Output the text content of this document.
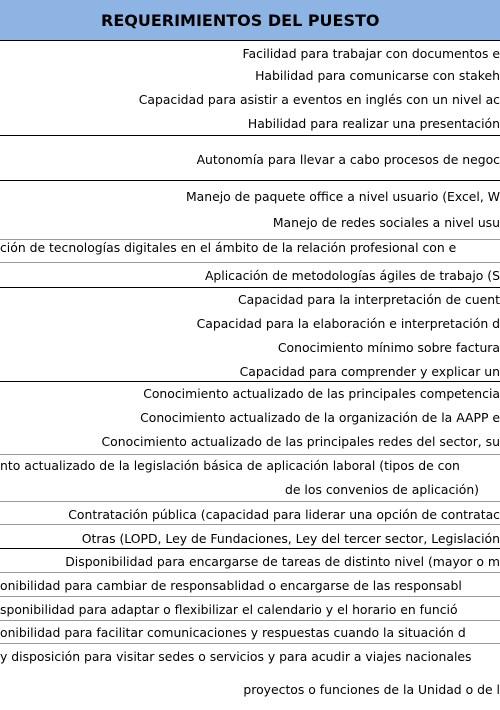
REQUERIMIENTOS DEL PUESTO
Facilidad para trabajar con documentos e
Habilidad para comunicarse con stakeh
Capacidad para asistir a eventos en inglés con un nivel ac
Habilidad para realizar una presentación
Autonomía para llevar a cabo procesos de negoc
Manejo de paquete office a nivel usuario (Excel, W
Manejo de redes sociales a nivel usu
ción de tecnologías digitales en el ámbito de la relación profesional con e
Aplicación de metodologías ágiles de trabajo (S
Capacidad para la interpretación de cuent
Capacidad para la elaboración e interpretación d
Conocimiento mínimo sobre factura
Capacidad para comprender y explicar un
Conocimiento actualizado de las principales competencia
Conocimiento actualizado de la organización de la AAPP e
Conocimiento actualizado de las principales redes del sector, su
nto actualizado de la legislación básica de aplicación laboral (tipos de con
de los convenios de aplicación)
Contratación pública (capacidad para liderar una opción de contratac
Otras (LOPD, Ley de Fundaciones, Ley del tercer sector, Legislación
Disponibilidad para encargarse de tareas de distinto nivel (mayor o m
onibilidad para cambiar de responsablidad o encargarse de las responsabl
sponibilidad para adaptar o flexibilizar el calendario y el horario en funció
onibilidad para facilitar comunicaciones y respuestas cuando la situación d
y disposición para visitar sedes o servicios y para acudir a viajes nacionales
proyectos o funciones de la Unidad o de l
